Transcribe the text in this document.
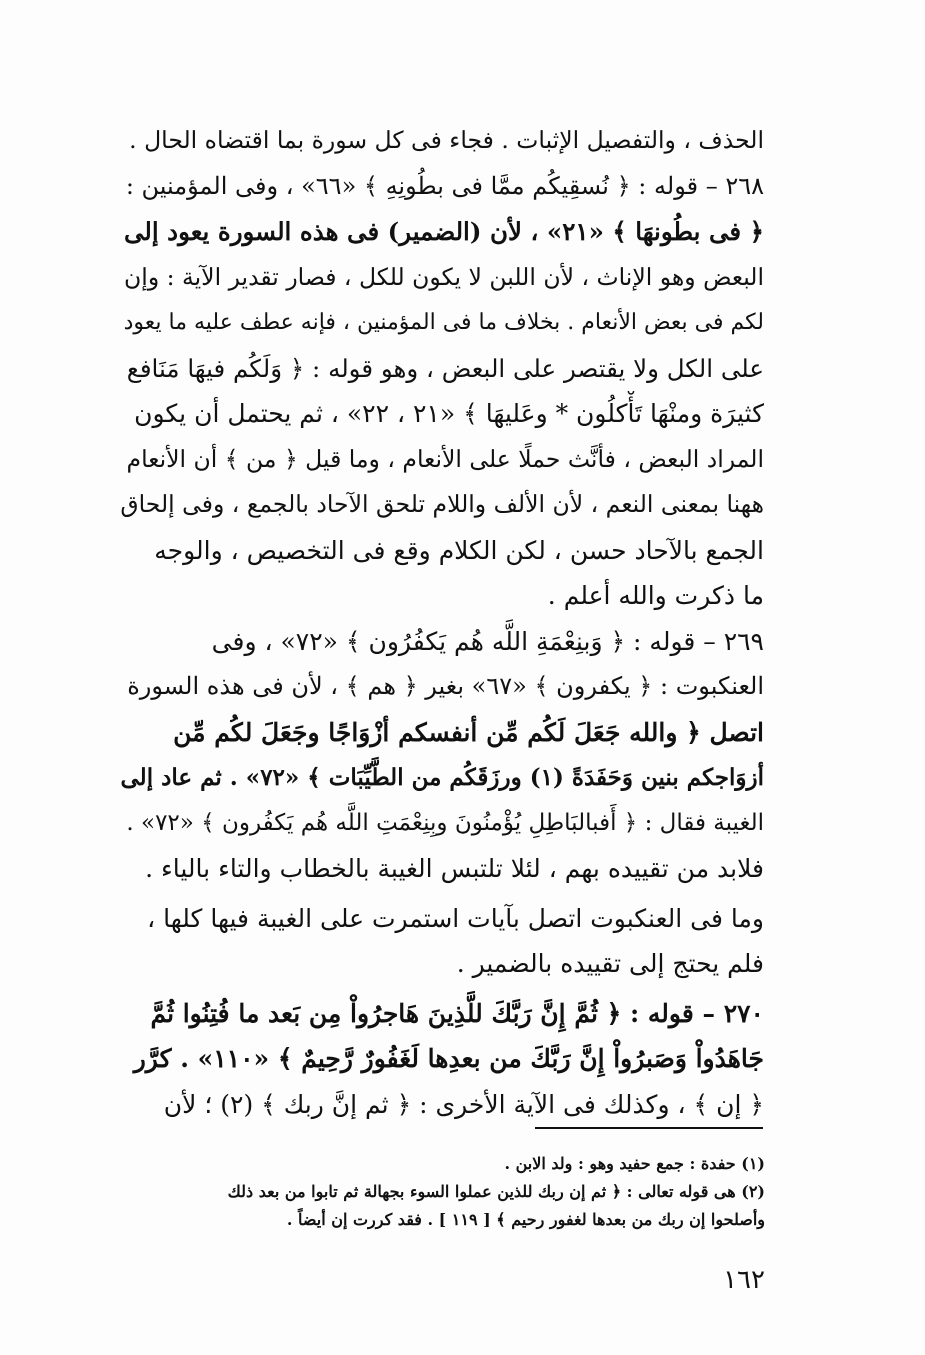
الحذف ، والتفصيل الإثبات . فجاء فى كل سورة بما اقتضاه الحال .
٢٦٨ – قوله : ﴿ نُسقِيكُم ممَّا فى بطُونِهِ ﴾ «٦٦» ، وفى المؤمنين :
﴿ فى بطُونهَا ﴾ «٢١» ، لأن (الضمير) فى هذه السورة يعود إلى
البعض وهو الإناث ، لأن اللبن لا يكون للكل ، فصار تقدير الآية : وإن
لكم فى بعض الأنعام . بخلاف ما فى المؤمنين ، فإنه عطف عليه ما يعود
على الكل ولا يقتصر على البعض ، وهو قوله : ﴿ وَلَكُم فيهَا مَنَافع
كثيرَة ومنْهَا تَأْكلُون * وعَليهَا ﴾ «٢١ ، ٢٢» ، ثم يحتمل أن يكون
المراد البعض ، فأنَّث حملًا على الأنعام ، وما قيل ﴿ من ﴾ أن الأنعام
ههنا بمعنى النعم ، لأن الألف واللام تلحق الآحاد بالجمع ، وفى إلحاق
الجمع بالآحاد حسن ، لكن الكلام وقع فى التخصيص ، والوجه
ما ذكرت والله أعلم .
٢٦٩ – قوله : ﴿ وَبنِعْمَةِ اللَّه هُم يَكفُرُون ﴾ «٧٢» ، وفى
العنكبوت : ﴿ يكفرون ﴾ «٦٧» بغير ﴿ هم ﴾ ، لأن فى هذه السورة
اتصل ﴿ والله جَعَلَ لَكُم مِّن أنفسكم أزْوَاجًا وجَعَلَ لكُم مِّن
أزوَاجكم بنين وَحَفَدَةً (١) ورزَقَكُم من الطَّيِّبَات ﴾ «٧٢» . ثم عاد إلى
الغيبة فقال : ﴿ أَفبالبَاطِلِ يُؤْمنُونَ وبِنِعْمَتِ اللَّه هُم يَكفُرون ﴾ «٧٢» .
فلابد من تقييده بهم ، لئلا تلتبس الغيبة بالخطاب والتاء بالياء .
وما فى العنكبوت اتصل بآيات استمرت على الغيبة فيها كلها ،
فلم يحتج إلى تقييده بالضمير .
٢٧٠ – قوله : ﴿ ثُمَّ إِنَّ رَبَّكَ للَّذِينَ هَاجرُواْ مِن بَعد ما فُتِنُوا ثُمَّ
جَاهَدُواْ وَصَبرُواْ إِنَّ رَبَّكَ من بعدِها لَغَفُورٌ رَّحِيمٌ ﴾ «١١٠» . كرَّر
﴿ إن ﴾ ، وكذلك فى الآية الأخرى : ﴿ ثم إنَّ ربك ﴾ (٢) ؛ لأن
(١) حفدة : جمع حفيد وهو : ولد الابن .
(٢) هى قوله تعالى : ﴿ ثم إن ربك للذين عملوا السوء بجهالة ثم تابوا من بعد ذلك
وأصلحوا إن ربك من بعدها لغفور رحيم ﴾ [ ١١٩ ] . فقد كررت إن أيضاً .
١٦٢
